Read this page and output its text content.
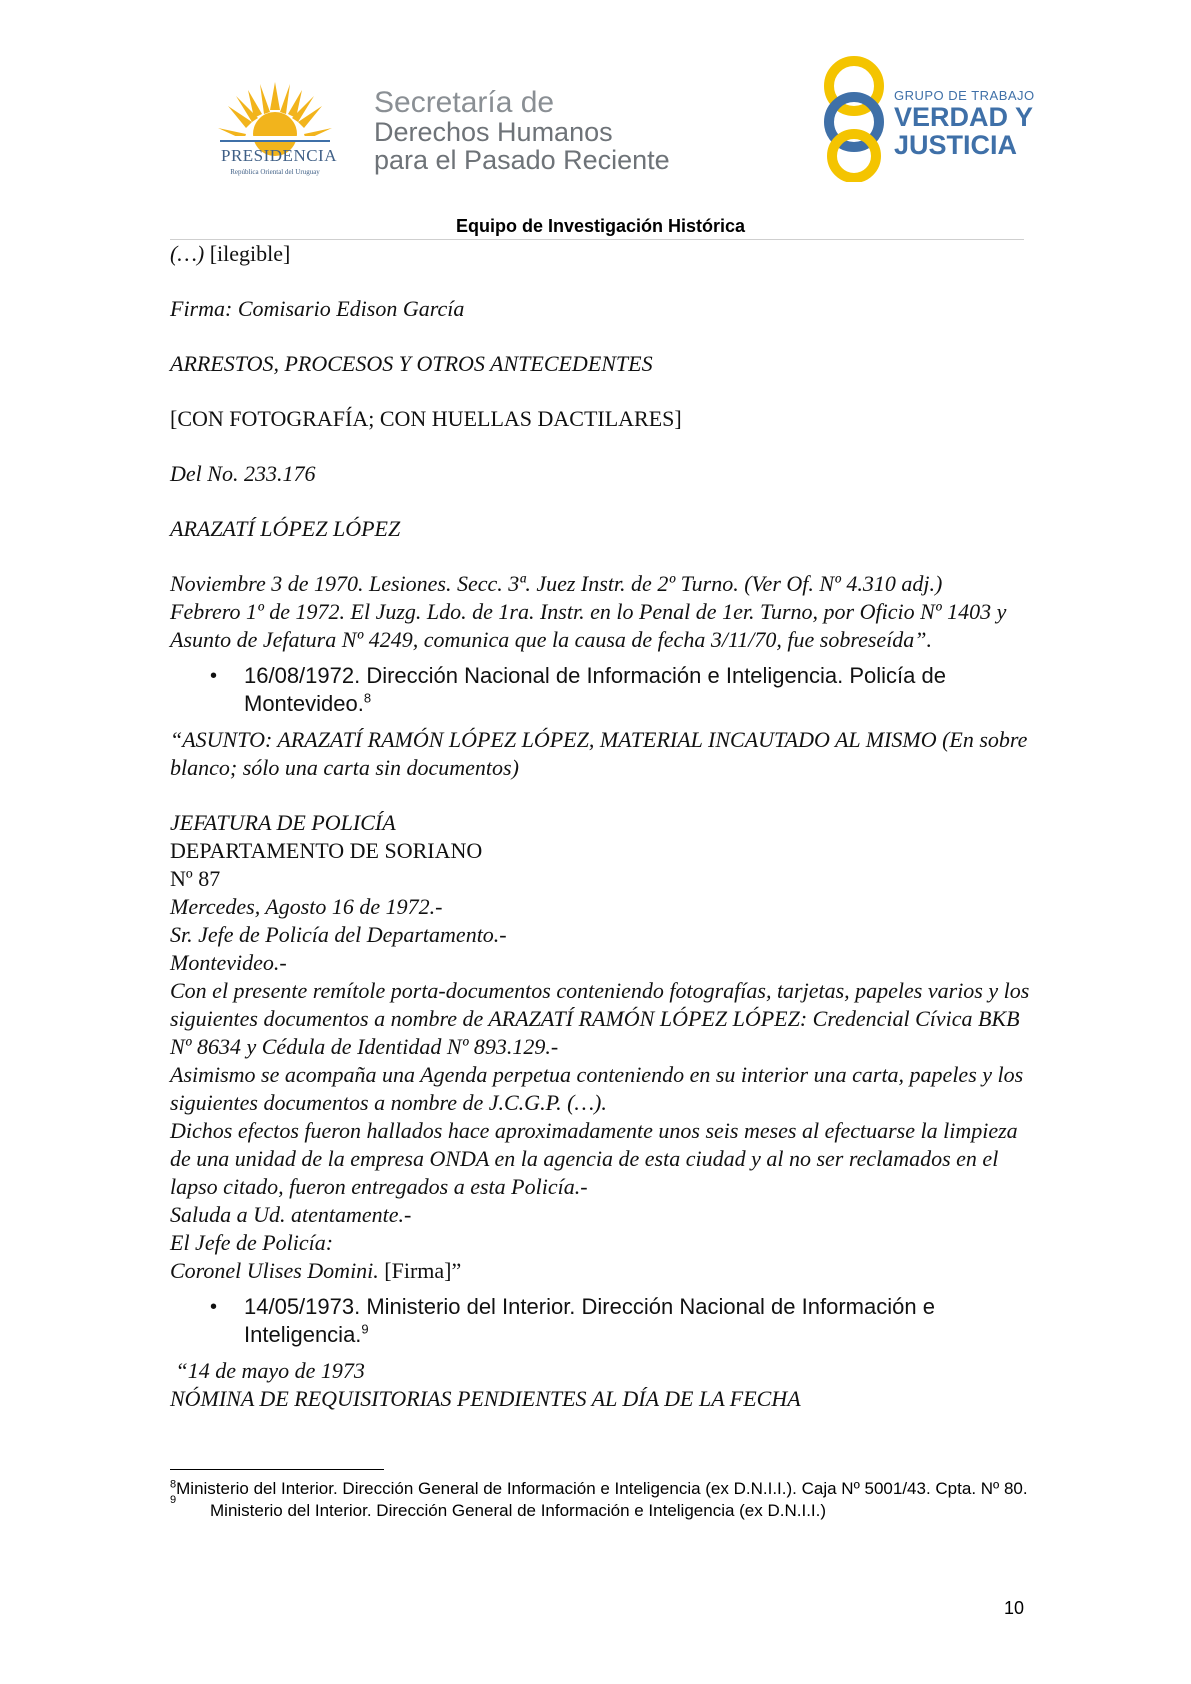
PRESIDENCIA
República Oriental del Uruguay
Secretaría de
Derechos Humanos
para el Pasado Reciente
GRUPO DE TRABAJO
VERDAD Y
JUSTICIA
Equipo de Investigación Histórica

(…) [ilegible]

Firma: Comisario Edison García

ARRESTOS, PROCESOS Y OTROS ANTECEDENTES

[CON FOTOGRAFÍA; CON HUELLAS DACTILARES]

Del No. 233.176

ARAZATÍ LÓPEZ LÓPEZ

Noviembre 3 de 1970. Lesiones. Secc. 3ª. Juez Instr. de 2º Turno. (Ver Of. Nº 4.310 adj.)

Febrero 1º de 1972. El Juzg. Ldo. de 1ra. Instr. en lo Penal de 1er. Turno, por Oficio Nº 1403 y Asunto de Jefatura Nº 4249, comunica que la causa de fecha 3/11/70, fue sobreseída”.

• 16/08/1972. Dirección Nacional de Información e Inteligencia. Policía de Montevideo.$^8$

“ASUNTO: ARAZATÍ RAMÓN LÓPEZ LÓPEZ, MATERIAL INCAUTADO AL MISMO (En sobre blanco; sólo una carta sin documentos)

JEFATURA DE POLICÍA

DEPARTAMENTO DE SORIANO

Nº 87

Mercedes, Agosto 16 de 1972.-

Sr. Jefe de Policía del Departamento.-

Montevideo.-

Con el presente remítole porta-documentos conteniendo fotografías, tarjetas, papeles varios y los siguientes documentos a nombre de ARAZATÍ RAMÓN LÓPEZ LÓPEZ: Credencial Cívica BKB Nº 8634 y Cédula de Identidad Nº 893.129.-

Asimismo se acompaña una Agenda perpetua conteniendo en su interior una carta, papeles y los siguientes documentos a nombre de J.C.G.P. (…).

Dichos efectos fueron hallados hace aproximadamente unos seis meses al efectuarse la limpieza de una unidad de la empresa ONDA en la agencia de esta ciudad y al no ser reclamados en el lapso citado, fueron entregados a esta Policía.-

Saluda a Ud. atentamente.-

El Jefe de Policía:

Coronel Ulises Domini. [Firma]”

• 14/05/1973. Ministerio del Interior. Dirección Nacional de Información e Inteligencia.$^9$

“14 de mayo de 1973

NÓMINA DE REQUISITORIAS PENDIENTES AL DÍA DE LA FECHA

$^8$Ministerio del Interior. Dirección General de Información e Inteligencia (ex D.N.I.I.). Caja Nº 5001/43. Cpta. Nº 80.

9
Ministerio del Interior. Dirección General de Información e Inteligencia (ex D.N.I.I.)

10
